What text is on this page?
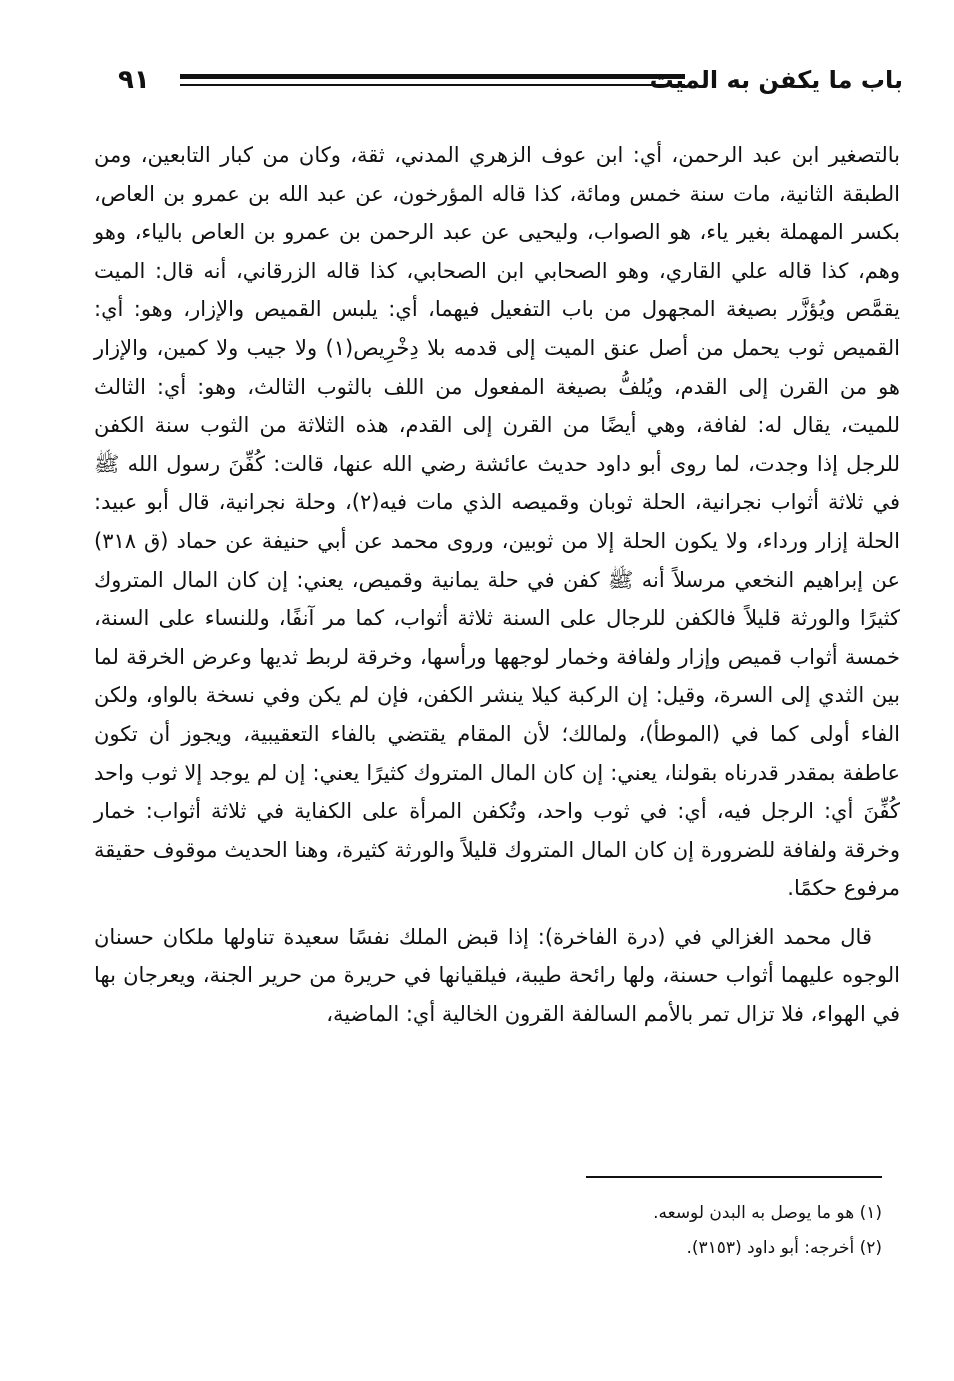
باب ما يكفن به الميت
٩١

بالتصغير ابن عبد الرحمن، أي: ابن عوف الزهري المدني، ثقة، وكان من كبار التابعين، ومن الطبقة الثانية، مات سنة خمس ومائة، كذا قاله المؤرخون، عن عبد الله بن عمرو بن العاص، بكسر المهملة بغير ياء، هو الصواب، وليحيى عن عبد الرحمن بن عمرو بن العاص بالياء، وهو وهم، كذا قاله علي القاري، وهو الصحابي ابن الصحابي، كذا قاله الزرقاني، أنه قال: الميت يقمَّص ويُؤزَّر بصيغة المجهول من باب التفعيل فيهما، أي: يلبس القميص والإزار، وهو: أي: القميص ثوب يحمل من أصل عنق الميت إلى قدمه بلا دِخْرِيص(١) ولا جيب ولا كمين، والإزار هو من القرن إلى القدم، ويُلفُّ بصيغة المفعول من اللف بالثوب الثالث، وهو: أي: الثالث للميت، يقال له: لفافة، وهي أيضًا من القرن إلى القدم، هذه الثلاثة من الثوب سنة الكفن للرجل إذا وجدت، لما روى أبو داود حديث عائشة رضي الله عنها، قالت: كُفِّنَ رسول الله ﷺ في ثلاثة أثواب نجرانية، الحلة ثوبان وقميصه الذي مات فيه(٢)، وحلة نجرانية، قال أبو عبيد: الحلة إزار ورداء، ولا يكون الحلة إلا من ثوبين، وروى محمد عن أبي حنيفة عن حماد (ق ٣١٨) عن إبراهيم النخعي مرسلاً أنه ﷺ كفن في حلة يمانية وقميص، يعني: إن كان المال المتروك كثيرًا والورثة قليلاً فالكفن للرجال على السنة ثلاثة أثواب، كما مر آنفًا، وللنساء على السنة، خمسة أثواب قميص وإزار ولفافة وخمار لوجهها ورأسها، وخرقة لربط ثديها وعرض الخرقة لما بين الثدي إلى السرة، وقيل: إن الركبة كيلا ينشر الكفن، فإن لم يكن وفي نسخة بالواو، ولكن الفاء أولى كما في (الموطأ)، ولمالك؛ لأن المقام يقتضي بالفاء التعقيبية، ويجوز أن تكون عاطفة بمقدر قدرناه بقولنا، يعني: إن كان المال المتروك كثيرًا يعني: إن لم يوجد إلا ثوب واحد كُفِّنَ أي: الرجل فيه، أي: في ثوب واحد، وتُكفن المرأة على الكفاية في ثلاثة أثواب: خمار وخرقة ولفافة للضرورة إن كان المال المتروك قليلاً والورثة كثيرة، وهنا الحديث موقوف حقيقة مرفوع حكمًا.

قال محمد الغزالي في (درة الفاخرة): إذا قبض الملك نفسًا سعيدة تناولها ملكان حسنان الوجوه عليهما أثواب حسنة، ولها رائحة طيبة، فيلقيانها في حريرة من حرير الجنة، ويعرجان بها في الهواء، فلا تزال تمر بالأمم السالفة القرون الخالية أي: الماضية،

(١) هو ما يوصل به البدن لوسعه.
(٢) أخرجه: أبو داود (٣١٥٣).
